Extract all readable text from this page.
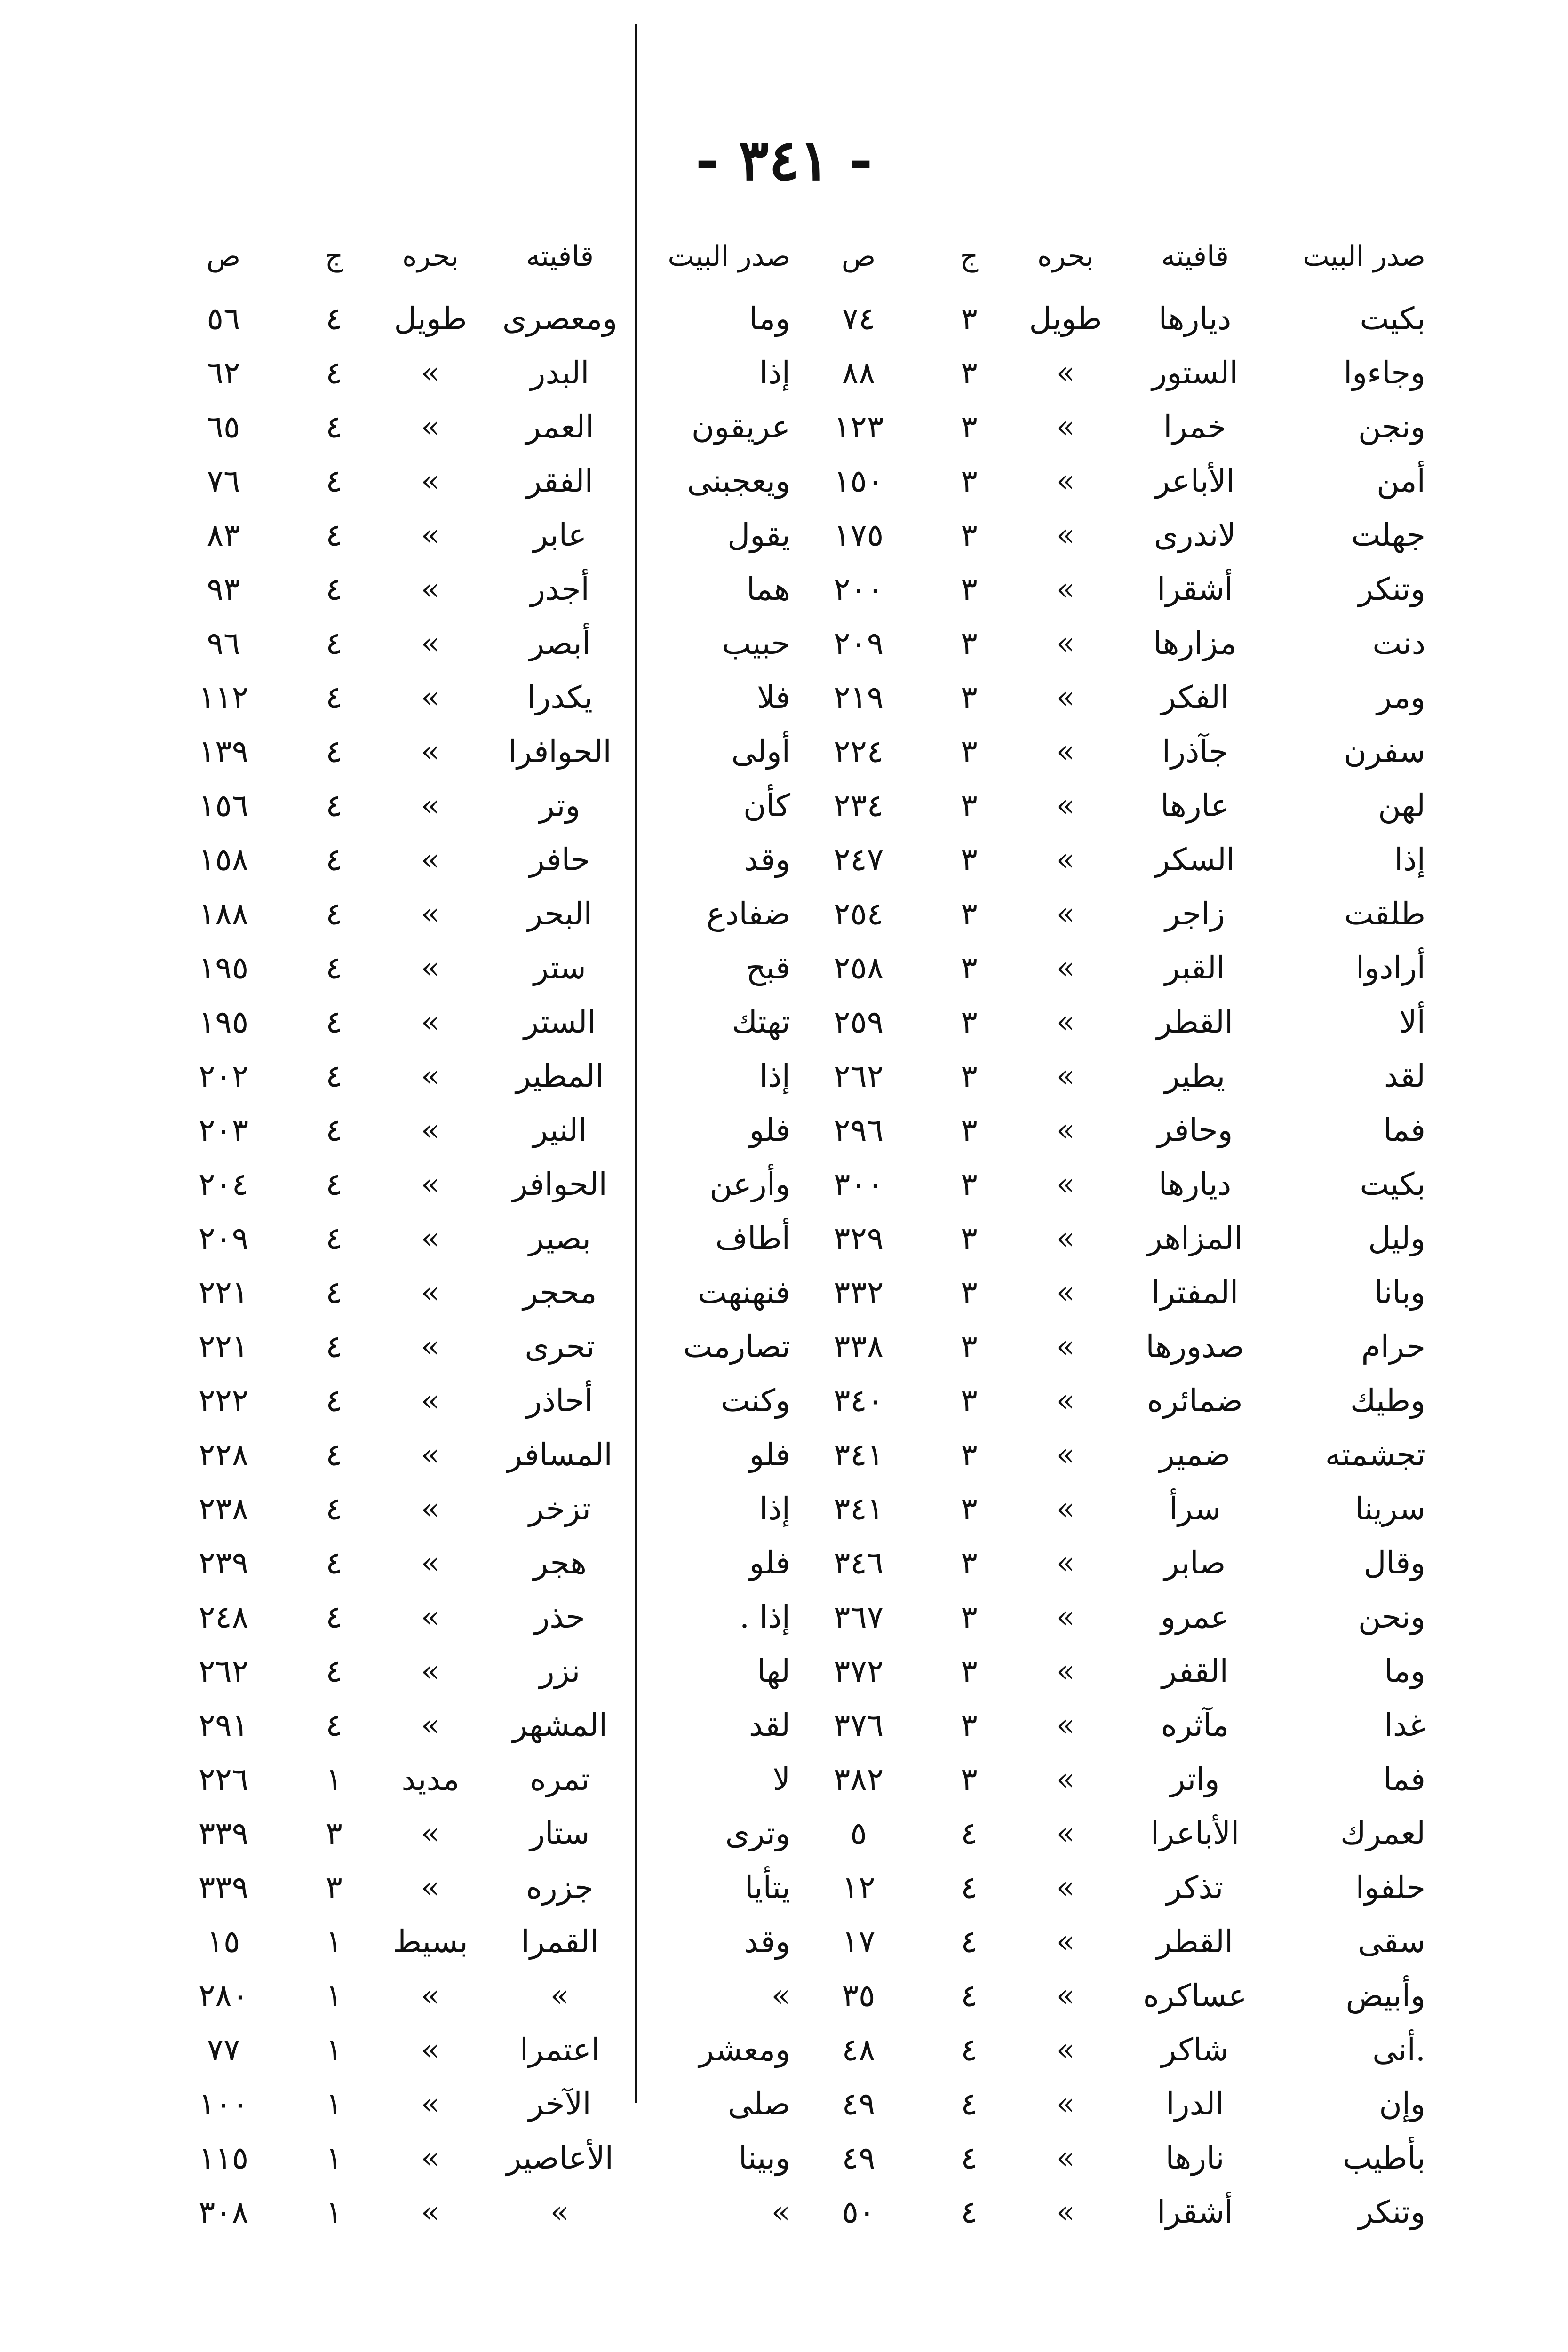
- ٣٤١ -
صدر البيت
قافيته
بحره
ج
ص
بكيت
ديارها
طويل
٣
٧٤
وجاءوا
الستور
«
٣
٨٨
ونجن
خمرا
«
٣
١٢٣
أمن
الأباعر
«
٣
١٥٠
جهلت
لاندرى
«
٣
١٧٥
وتنكر
أشقرا
«
٣
٢٠٠
دنت
مزارها
«
٣
٢٠٩
ومر
الفكر
«
٣
٢١٩
سفرن
جآذرا
«
٣
٢٢٤
لهن
عارها
«
٣
٢٣٤
إذا
السكر
«
٣
٢٤٧
طلقت
زاجر
«
٣
٢٥٤
أرادوا
القبر
«
٣
٢٥٨
ألا
القطر
«
٣
٢٥٩
لقد
يطير
«
٣
٢٦٢
فما
وحافر
«
٣
٢٩٦
بكيت
ديارها
«
٣
٣٠٠
وليل
المزاهر
«
٣
٣٢٩
وبانا
المفترا
«
٣
٣٣٢
حرام
صدورها
«
٣
٣٣٨
وطيك
ضمائره
«
٣
٣٤٠
تجشمته
ضمير
«
٣
٣٤١
سرينا
سرأ
«
٣
٣٤١
وقال
صابر
«
٣
٣٤٦
ونحن
عمرو
«
٣
٣٦٧
وما
القفر
«
٣
٣٧٢
غدا
مآثره
«
٣
٣٧٦
فما
واتر
«
٣
٣٨٢
لعمرك
الأباعرا
«
٤
٥
حلفوا
تذكر
«
٤
١٢
سقى
القطر
«
٤
١٧
وأبيض
عساكره
«
٤
٣٥
أنى.
شاكر
«
٤
٤٨
وإن
الدرا
«
٤
٤٩
بأطيب
نارها
«
٤
٤٩
وتنكر
أشقرا
«
٤
٥٠
صدر البيت
قافيته
بحره
ج
ص
وما
ومعصرى
طويل
٤
٥٦
إذا
البدر
«
٤
٦٢
عريقون
العمر
«
٤
٦٥
ويعجبنى
الفقر
«
٤
٧٦
يقول
عابر
«
٤
٨٣
هما
أجدر
«
٤
٩٣
حبيب
أبصر
«
٤
٩٦
فلا
يكدرا
«
٤
١١٢
أولى
الحوافرا
«
٤
١٣٩
كأن
وتر
«
٤
١٥٦
وقد
حافر
«
٤
١٥٨
ضفادع
البحر
«
٤
١٨٨
قبح
ستر
«
٤
١٩٥
تهتك
الستر
«
٤
١٩٥
إذا
المطير
«
٤
٢٠٢
فلو
النير
«
٤
٢٠٣
وأرعن
الحوافر
«
٤
٢٠٤
أطاف
بصير
«
٤
٢٠٩
فنهنهت
محجر
«
٤
٢٢١
تصارمت
تحرى
«
٤
٢٢١
وكنت
أحاذر
«
٤
٢٢٢
فلو
المسافر
«
٤
٢٢٨
إذا
تزخر
«
٤
٢٣٨
فلو
هجر
«
٤
٢٣٩
. إذا
حذر
«
٤
٢٤٨
لها
نزر
«
٤
٢٦٢
لقد
المشهر
«
٤
٢٩١
لا
تمره
مديد
١
٢٢٦
وترى
ستار
«
٣
٣٣٩
يتأيا
جزره
«
٣
٣٣٩
وقد
القمرا
بسيط
١
١٥
«
«
«
١
٢٨٠
ومعشر
اعتمرا
«
١
٧٧
صلى
الآخر
«
١
١٠٠
وبينا
الأعاصير
«
١
١١٥
«
«
«
١
٣٠٨
